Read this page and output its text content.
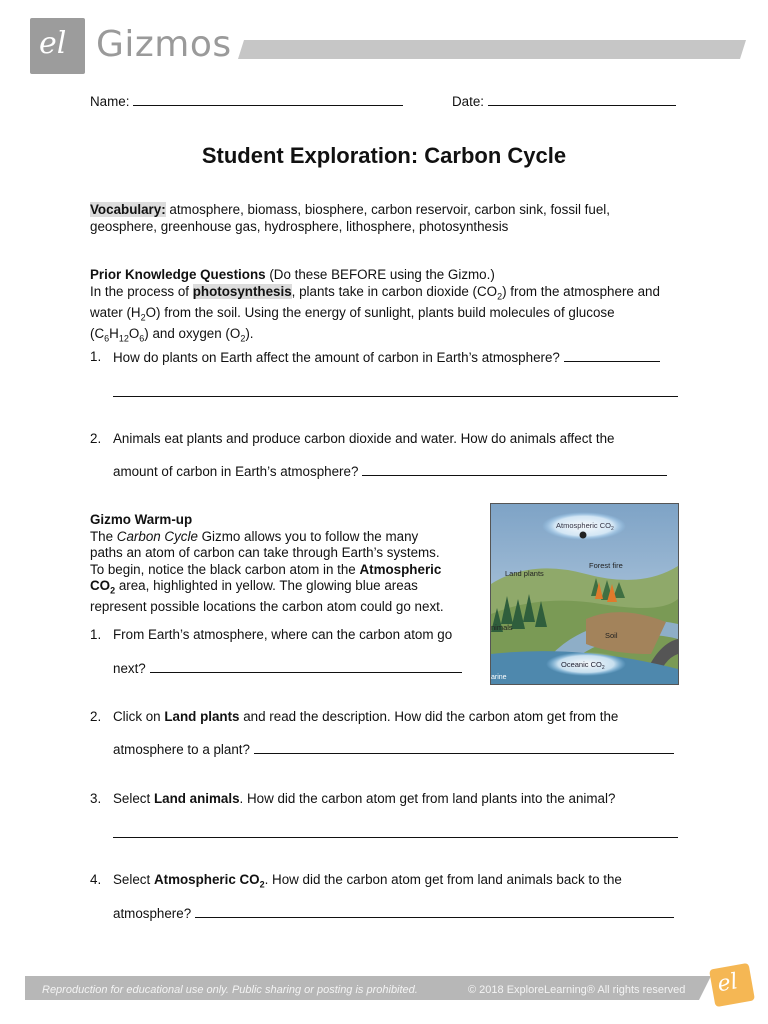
el Gizmos
Name:	Date:
Student Exploration: Carbon Cycle
Vocabulary: atmosphere, biomass, biosphere, carbon reservoir, carbon sink, fossil fuel,
geosphere, greenhouse gas, hydrosphere, lithosphere, photosynthesis
Prior Knowledge Questions (Do these BEFORE using the Gizmo.)
In the process of photosynthesis, plants take in carbon dioxide $(CO_2)$ from the atmosphere and
water $(H_2O)$ from the soil. Using the energy of sunlight, plants build molecules of glucose
$(C_6H_{12}O_6)$ and oxygen $(O_2)$.
1. How do plants on Earth affect the amount of carbon in Earth’s atmosphere?
2. Animals eat plants and produce carbon dioxide and water. How do animals affect the
amount of carbon in Earth’s atmosphere?
Gizmo Warm-up
The Carbon Cycle Gizmo allows you to follow the many
paths an atom of carbon can take through Earth’s systems.
To begin, notice the black carbon atom in the Atmospheric
$CO_2$ area, highlighted in yellow. The glowing blue areas
represent possible locations the carbon atom could go next.
1. From Earth’s atmosphere, where can the carbon atom go
next?
Atmospheric $CO_2$
Forest fire
Land plants
nimals
Soil
Oceanic $CO_2$
arine
2. Click on Land plants and read the description. How did the carbon atom get from the
atmosphere to a plant?
3. Select Land animals. How did the carbon atom get from land plants into the animal?
4. Select Atmospheric $CO_2$. How did the carbon atom get from land animals back to the
atmosphere?
Reproduction for educational use only. Public sharing or posting is prohibited.	© 2018 ExploreLearning® All rights reserved el
